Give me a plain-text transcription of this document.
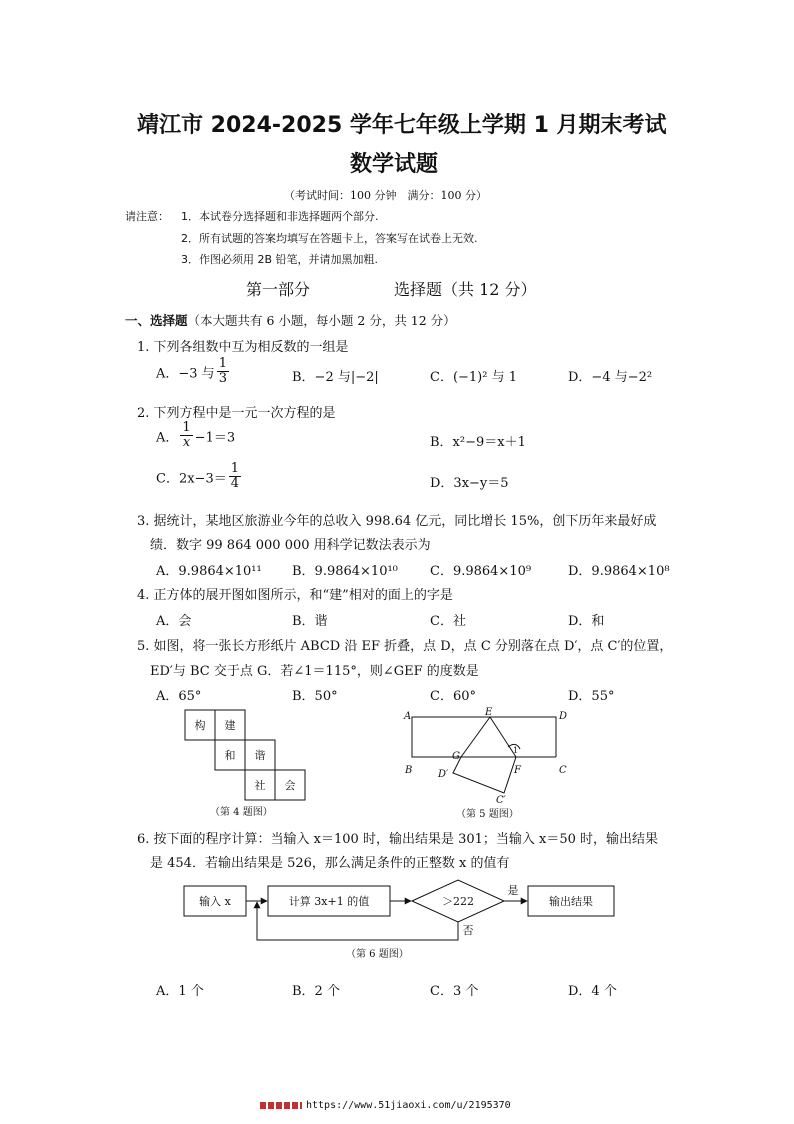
靖江市 2024-2025 学年七年级上学期 1 月期末考试
数学试题
（考试时间：100 分钟　满分：100 分）
请注意： 1．本试卷分选择题和非选择题两个部分.
2．所有试题的答案均填写在答题卡上，答案写在试卷上无效.
3．作图必须用 2B 铅笔，并请加黑加粗.
第一部分	选择题（共 12 分）
一、选择题（本大题共有 6 小题，每小题 2 分，共 12 分）
1. 下列各组数中互为相反数的一组是
A．−3 与 $\frac{1}{3}$	B．−2 与|−2|	C．(−1)² 与 1	D．−4 与−2²
2. 下列方程中是一元一次方程的是
A． $\frac{1}{x} -1=3$	B．x²−9＝x＋1
C．$2x-3= \frac{1}{4}$	D．3x−y＝5
3. 据统计，某地区旅游业今年的总收入 998.64 亿元，同比增长 15%，创下历年来最好成
绩．数字 99 864 000 000 用科学记数法表示为
A．9.9864×10¹¹ B．9.9864×10¹⁰ C．9.9864×10⁹	D．9.9864×10⁸
4. 正方体的展开图如图所示，和“建”相对的面上的字是
A．会	B．谐	C．社	D．和
5. 如图，将一张长方形纸片 ABCD 沿 EF 折叠，点 D，点 C 分别落在点 D′，点 C′的位置，
ED′与 BC 交于点 G．若∠1＝115°，则∠GEF 的度数是
A．65°	B．50°	C．60°	D．55°
构 建
和 谐
社 会
（第 4 题图）
A	E	D
G
B	F	C
D′
C′
1
（第 5 题图）
6. 按下面的程序计算：当输入 x＝100 时，输出结果是 301；当输入 x＝50 时，输出结果
是 454．若输出结果是 526，那么满足条件的正整数 x 的值有
输入 x	计算 3x+1 的值	＞222	输出结果
是
否
（第 6 题图）
A．1 个	B．2 个	C．3 个	D．4 个
https://www.51jiaoxi.com/u/2195370
